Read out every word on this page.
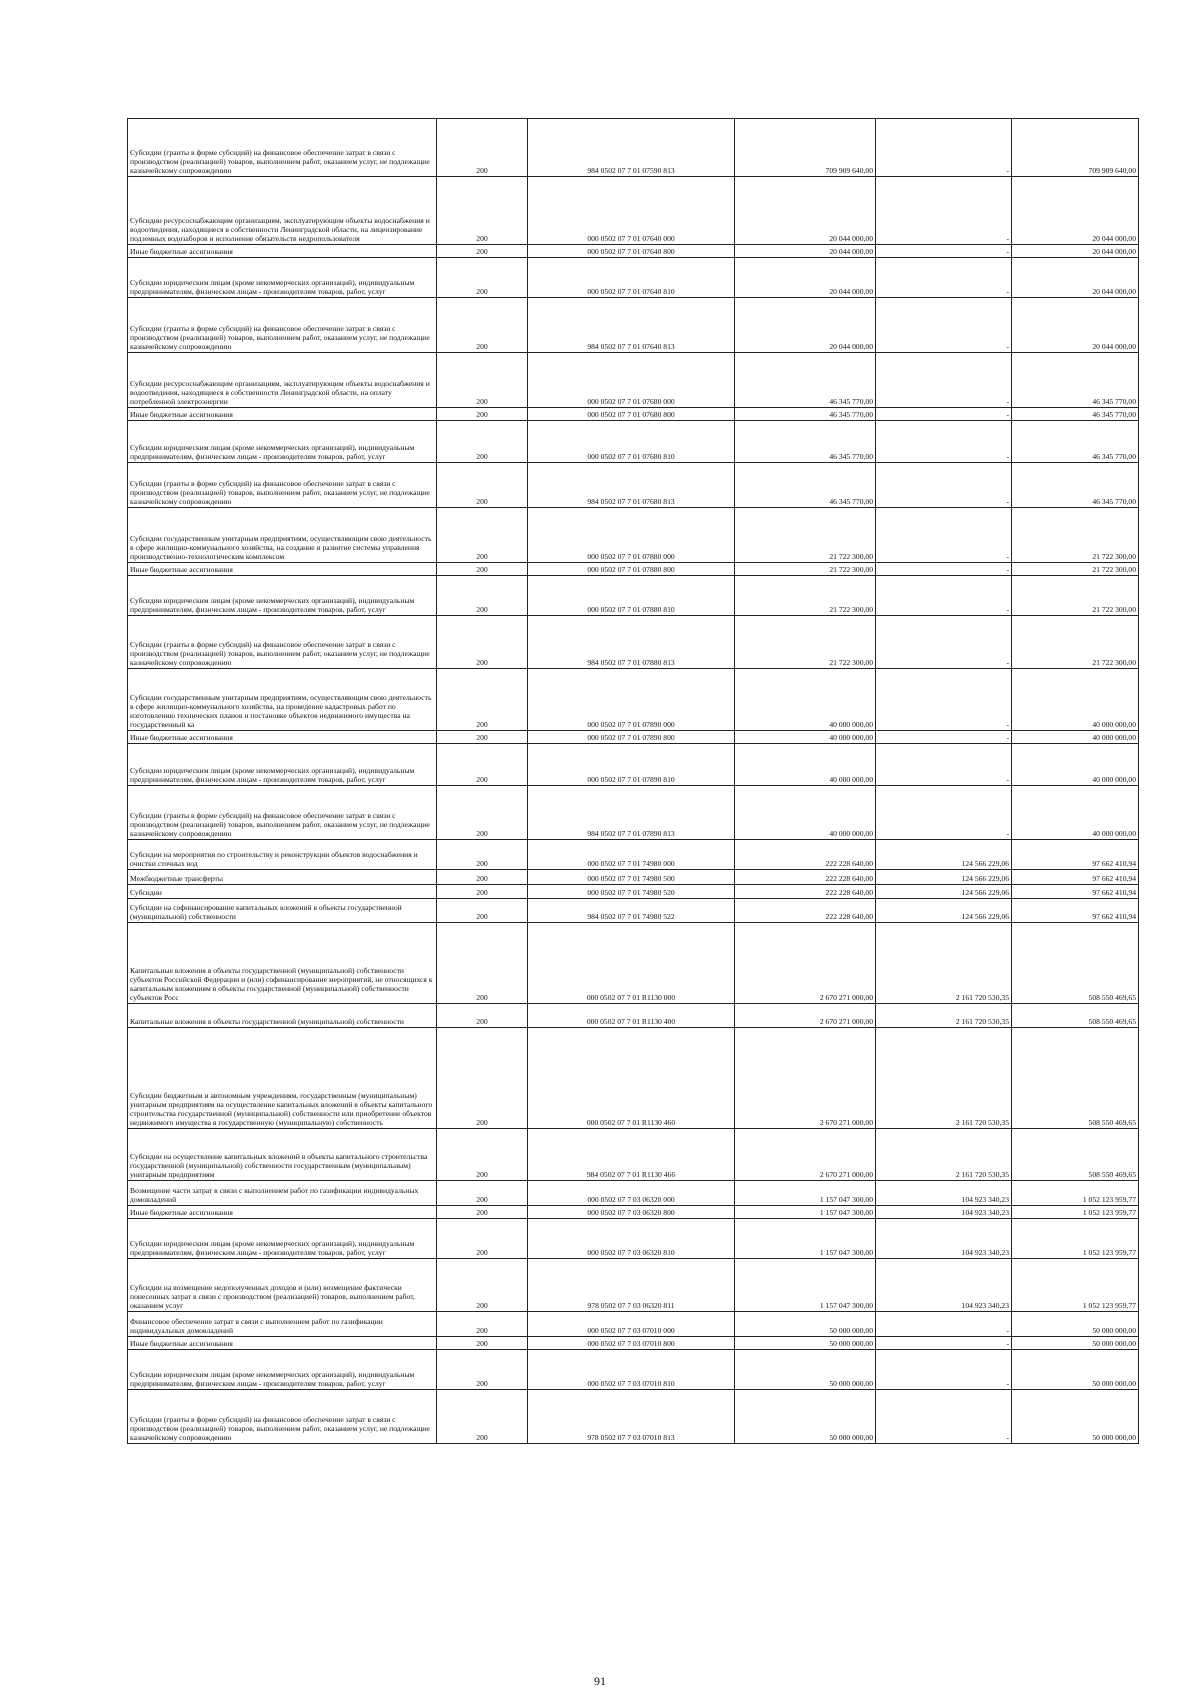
Субсидии (гранты в форме субсидий) на финансовое обеспечение затрат в связи с производством (реализацией) товаров, выполнением работ, оказанием услуг, не подлежащие казначейскому сопровождению	200	984 0502 07 7 01 07590 813	709 909 640,00	-	709 909 640,00
Субсидии ресурсоснабжающим организациям, эксплуатирующим объекты водоснабжения и водоотведения, находящиеся в собственности Ленинградской области, на лицензирование подземных водозаборов и исполнение обязательств недропользователя	200	000 0502 07 7 01 07640 000	20 044 000,00	-	20 044 000,00
Иные бюджетные ассигнования	200	000 0502 07 7 01 07640 800	20 044 000,00	-	20 044 000,00
Субсидии юридическим лицам (кроме некоммерческих организаций), индивидуальным предпринимателям, физическим лицам - производителям товаров, работ, услуг	200	000 0502 07 7 01 07640 810	20 044 000,00	-	20 044 000,00
Субсидии (гранты в форме субсидий) на финансовое обеспечение затрат в связи с производством (реализацией) товаров, выполнением работ, оказанием услуг, не подлежащие казначейскому сопровождению	200	984 0502 07 7 01 07640 813	20 044 000,00	-	20 044 000,00
Субсидии ресурсоснабжающим организациям, эксплуатирующим объекты водоснабжения и водоотведения, находящиеся в собственности Ленинградской области, на оплату потребленной электроэнергии	200	000 0502 07 7 01 07680 000	46 345 770,00	-	46 345 770,00
Иные бюджетные ассигнования	200	000 0502 07 7 01 07680 800	46 345 770,00	-	46 345 770,00
Субсидии юридическим лицам (кроме некоммерческих организаций), индивидуальным предпринимателям, физическим лицам - производителям товаров, работ, услуг	200	000 0502 07 7 01 07680 810	46 345 770,00	-	46 345 770,00
Субсидии (гранты в форме субсидий) на финансовое обеспечение затрат в связи с производством (реализацией) товаров, выполнением работ, оказанием услуг, не подлежащие казначейскому сопровождению	200	984 0502 07 7 01 07680 813	46 345 770,00	-	46 345 770,00
Субсидии государственным унитарным предприятиям, осуществляющим свою деятельность в сфере жилищно-коммунального хозяйства, на создание и развитие системы управления производственно-технологическим комплексом	200	000 0502 07 7 01 07880 000	21 722 300,00	-	21 722 300,00
Иные бюджетные ассигнования	200	000 0502 07 7 01 07880 800	21 722 300,00	-	21 722 300,00
Субсидии юридическим лицам (кроме некоммерческих организаций), индивидуальным предпринимателям, физическим лицам - производителям товаров, работ, услуг	200	000 0502 07 7 01 07880 810	21 722 300,00	-	21 722 300,00
Субсидии (гранты в форме субсидий) на финансовое обеспечение затрат в связи с производством (реализацией) товаров, выполнением работ, оказанием услуг, не подлежащие казначейскому сопровождению	200	984 0502 07 7 01 07880 813	21 722 300,00	-	21 722 300,00
Субсидии государственным унитарным предприятиям, осуществляющим свою деятельность в сфере жилищно-коммунального хозяйства, на проведение кадастровых работ по изготовлению технических планов и постановке объектов недвижимого имущества на государственный ка	200	000 0502 07 7 01 07890 000	40 000 000,00	-	40 000 000,00
Иные бюджетные ассигнования	200	000 0502 07 7 01 07890 800	40 000 000,00	-	40 000 000,00
Субсидии юридическим лицам (кроме некоммерческих организаций), индивидуальным предпринимателям, физическим лицам - производителям товаров, работ, услуг	200	000 0502 07 7 01 07890 810	40 000 000,00	-	40 000 000,00
Субсидии (гранты в форме субсидий) на финансовое обеспечение затрат в связи с производством (реализацией) товаров, выполнением работ, оказанием услуг, не подлежащие казначейскому сопровождению	200	984 0502 07 7 01 07890 813	40 000 000,00	-	40 000 000,00
Субсидии на мероприятия по строительству и реконструкции объектов водоснабжения и очистки сточных вод	200	000 0502 07 7 01 74980 000	222 228 640,00	124 566 229,06	97 662 410,94
Межбюджетные трансферты	200	000 0502 07 7 01 74980 500	222 228 640,00	124 566 229,06	97 662 410,94
Субсидии	200	000 0502 07 7 01 74980 520	222 228 640,00	124 566 229,06	97 662 410,94
Субсидии на софинансирование капитальных вложений в объекты государственной (муниципальной) собственности	200	984 0502 07 7 01 74980 522	222 228 640,00	124 566 229,06	97 662 410,94
Капитальные вложения в объекты государственной (муниципальной) собственности субъектов Российской Федерации и (или) софинансирование мероприятий, не относящихся к капитальным вложениям в объекты государственной (муниципальной) собственности субъектов Росс	200	000 0502 07 7 01 R1130 000	2 670 271 000,00	2 161 720 530,35	508 550 469,65
Капитальные вложения в объекты государственной (муниципальной) собственности	200	000 0502 07 7 01 R1130 400	2 670 271 000,00	2 161 720 530,35	508 550 469,65
Субсидии бюджетным и автономным учреждениям, государственным (муниципальным) унитарным предприятиям на осуществление капитальных вложений в объекты капитального строительства государственной (муниципальной) собственности или приобретение объектов недвижимого имущества в государственную (муниципальную) собственность	200	000 0502 07 7 01 R1130 460	2 670 271 000,00	2 161 720 530,35	508 550 469,65
Субсидии на осуществление капитальных вложений в объекты капитального строительства государственной (муниципальной) собственности государственным (муниципальным) унитарным предприятиям	200	984 0502 07 7 01 R1130 466	2 670 271 000,00	2 161 720 530,35	508 550 469,65
Возмещение части затрат в связи с выполнением работ по газификации индивидуальных домовладений	200	000 0502 07 7 03 06320 000	1 157 047 300,00	104 923 340,23	1 052 123 959,77
Иные бюджетные ассигнования	200	000 0502 07 7 03 06320 800	1 157 047 300,00	104 923 340,23	1 052 123 959,77
Субсидии юридическим лицам (кроме некоммерческих организаций), индивидуальным предпринимателям, физическим лицам - производителям товаров, работ, услуг	200	000 0502 07 7 03 06320 810	1 157 047 300,00	104 923 340,23	1 052 123 959,77
Субсидии на возмещение недополученных доходов и (или) возмещение фактически понесенных затрат в связи с производством (реализацией) товаров, выполнением работ, оказанием услуг	200	978 0502 07 7 03 06320 811	1 157 047 300,00	104 923 340,23	1 052 123 959,77
Финансовое обеспечение затрат в связи с выполнением работ по газификации индивидуальных домовладений	200	000 0502 07 7 03 07010 000	50 000 000,00	-	50 000 000,00
Иные бюджетные ассигнования	200	000 0502 07 7 03 07010 800	50 000 000,00	-	50 000 000,00
Субсидии юридическим лицам (кроме некоммерческих организаций), индивидуальным предпринимателям, физическим лицам - производителям товаров, работ, услуг	200	000 0502 07 7 03 07010 810	50 000 000,00	-	50 000 000,00
Субсидии (гранты в форме субсидий) на финансовое обеспечение затрат в связи с производством (реализацией) товаров, выполнением работ, оказанием услуг, не подлежащие казначейскому сопровождению	200	978 0502 07 7 03 07010 813	50 000 000,00	-	50 000 000,00
91
